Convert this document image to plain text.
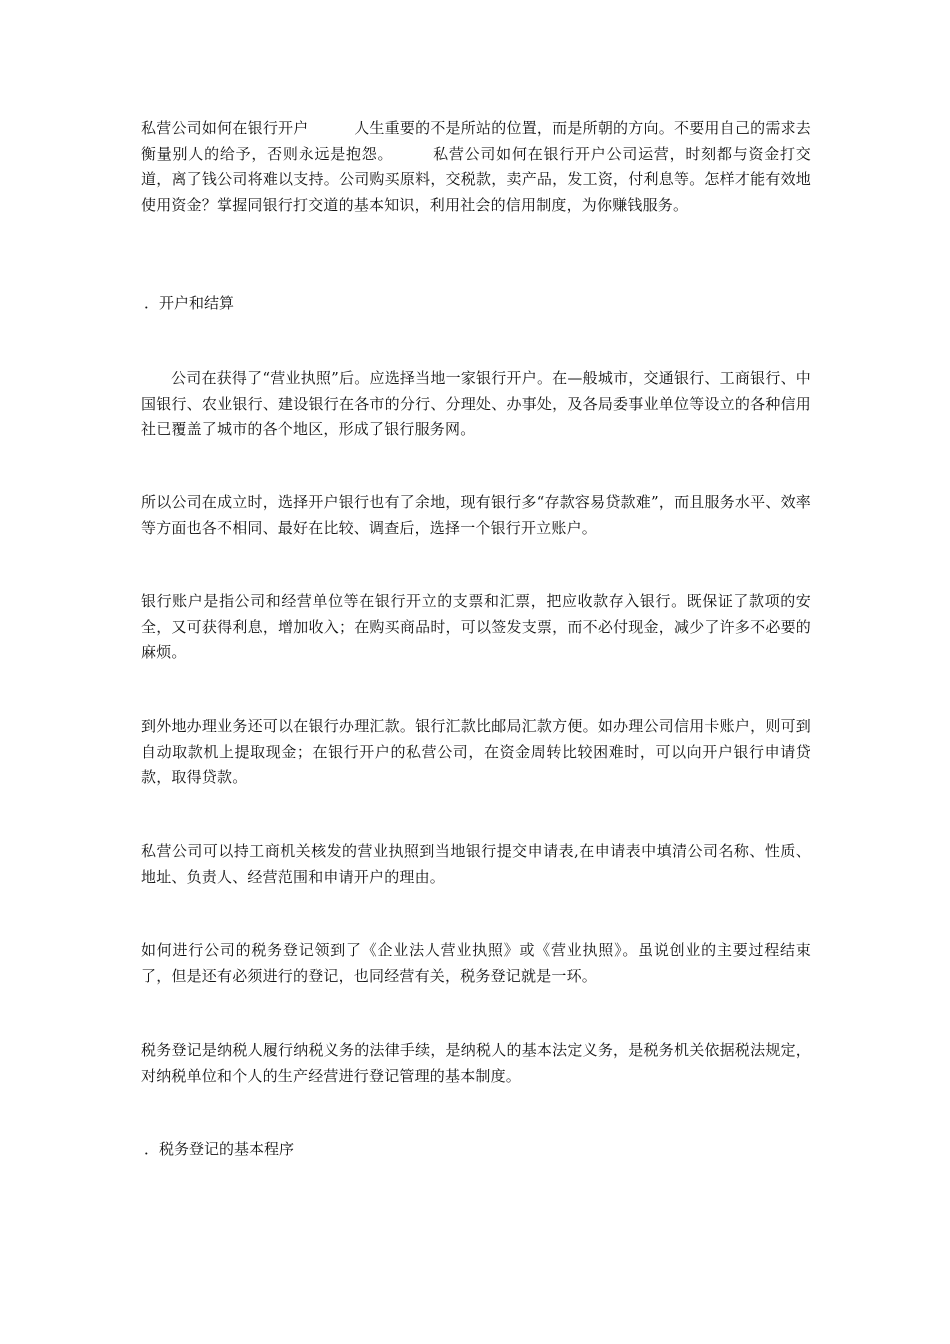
私营公司如何在银行开户　　　人生重要的不是所站的位置，而是所朝的方向。不要用自己的需求去衡量别人的给予，否则永远是抱怨。　　　私营公司如何在银行开户公司运营，时刻都与资金打交道，离了钱公司将难以支持。公司购买原料，交税款，卖产品，发工资，付利息等。怎样才能有效地使用资金？掌握同银行打交道的基本知识，利用社会的信用制度，为你赚钱服务。

．开户和结算

公司在获得了“营业执照”后。应选择当地一家银行开户。在—般城市，交通银行、工商银行、中国银行、农业银行、建设银行在各市的分行、分理处、办事处，及各局委事业单位等设立的各种信用社已覆盖了城市的各个地区，形成了银行服务网。

所以公司在成立时，选择开户银行也有了余地，现有银行多“存款容易贷款难”，而且服务水平、效率等方面也各不相同、最好在比较、调查后，选择一个银行开立账户。

银行账户是指公司和经营单位等在银行开立的支票和汇票，把应收款存入银行。既保证了款项的安全，又可获得利息，增加收入；在购买商品时，可以签发支票，而不必付现金，减少了许多不必要的麻烦。

到外地办理业务还可以在银行办理汇款。银行汇款比邮局汇款方便。如办理公司信用卡账户，则可到自动取款机上提取现金；在银行开户的私营公司，在资金周转比较困难时，可以向开户银行申请贷款，取得贷款。

私营公司可以持工商机关核发的营业执照到当地银行提交申请表,在申请表中填清公司名称、性质、地址、负责人、经营范围和申请开户的理由。

如何进行公司的税务登记领到了《企业法人营业执照》或《营业执照》。虽说创业的主要过程结束了，但是还有必须进行的登记，也同经营有关，税务登记就是一环。

税务登记是纳税人履行纳税义务的法律手续，是纳税人的基本法定义务，是税务机关依据税法规定，对纳税单位和个人的生产经营进行登记管理的基本制度。

．税务登记的基本程序
